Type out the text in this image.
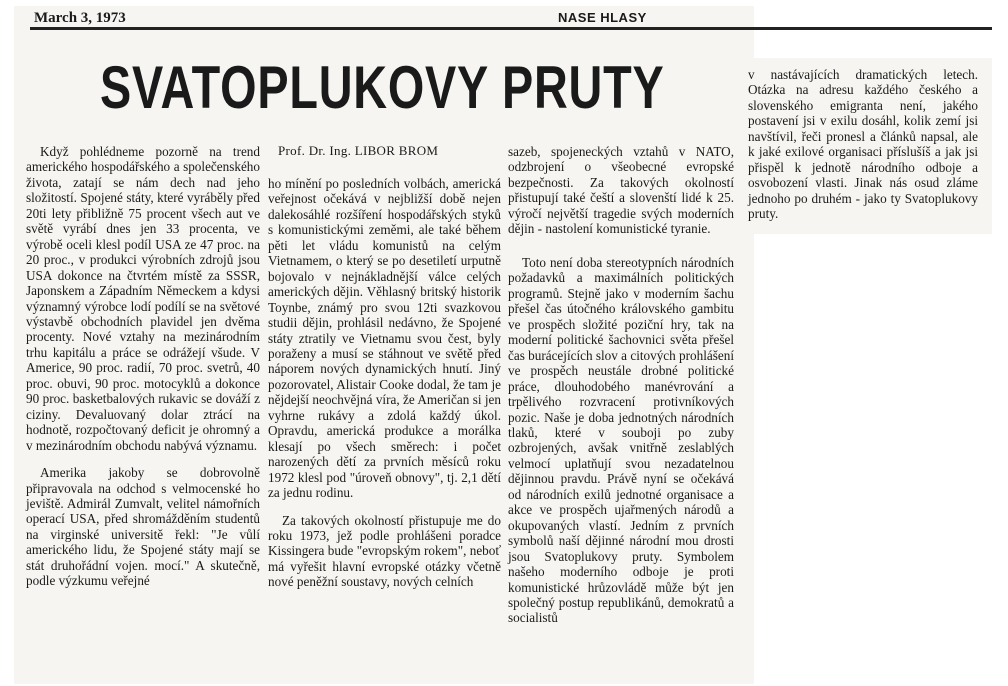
March 3, 1973	NASE HLASY
SVATOPLUKOVY PRUTY
Prof. Dr. Ing. LIBOR BROM

Když pohlédneme pozorně na trend amerického hospodářského a společenského života, zatají se nám dech nad jeho složitostí. Spojené státy, které vyráběly před 20ti lety přibližně 75 procent všech aut ve světě vyrábí dnes jen 33 procenta, ve výrobě oceli klesl podíl USA ze 47 proc. na 20 proc., v produkci výrobních zdrojů jsou USA dokonce na čtvrtém místě za SSSR, Japonskem a Západním Německem a kdysi významný výrobce lodí podílí se na světové výstavbě obchodních plavidel jen dvěma procenty. Nové vztahy na mezinárodním trhu kapitálu a práce se odrážejí všude. V Americe, 90 proc. radií, 70 proc. svetrů, 40 proc. obuvi, 90 proc. motocyklů a dokonce 90 proc. basketbalových rukavic se dováží z ciziny. Devaluovaný dolar ztrácí na hodnotě, rozpočtovaný deficit je ohromný a v mezinárodním obchodu nabývá významu.

Amerika jakoby se dobrovolně připravovala na odchod s velmocenské ho jeviště. Admirál Zumvalt, velitel námořních operací USA, před shromážděním studentů na virginské universitě řekl: "Je vůlí amerického lidu, že Spojené státy mají se stát druhořádní vojen. mocí." A skutečně, podle výzkumu veřejné

ho mínění po posledních volbách, americká veřejnost očekává v nejbližší době nejen dalekosáhlé rozšíření hospodářských styků s komunistickými zeměmi, ale také během pěti let vládu komunistů na celým Vietnamem, o který se po desetiletí urputně bojovalo v nejnákladnější válce celých amerických dějin. Věhlasný britský historik Toynbe, známý pro svou 12ti svazkovou studii dějin, prohlásil nedávno, že Spojené státy ztratily ve Vietnamu svou čest, byly poraženy a musí se stáhnout ve světě před náporem nových dynamických hnutí. Jiný pozorovatel, Alistair Cooke dodal, že tam je nějdejší neochvějná víra, že Američan si jen vyhrne rukávy a zdolá každý úkol. Opravdu, americká produkce a morálka klesají po všech směrech: i počet narozených dětí za prvních měsíců roku 1972 klesl pod "úroveň obnovy", tj. 2,1 dětí za jednu rodinu.

Za takových okolností přistupuje me do roku 1973, jež podle prohlášeni poradce Kissingera bude "evropským rokem", neboť má vyřešit hlavní evropské otázky včetně nové peněžní soustavy, nových celních

sazeb, spojeneckých vztahů v NATO, odzbrojení o všeobecné evropské bezpečnosti. Za takových okolností přistupují také čeští a slovenští lidé k 25. výročí největší tragedie svých moderních dějin - nastolení komunistické tyranie.

Toto není doba stereotypních národních požadavků a maximálních politických programů. Stejně jako v moderním šachu přešel čas útočného královského gambitu ve prospěch složité poziční hry, tak na moderní politické šachovnici světa přešel čas burácejících slov a citových prohlášení ve prospěch neustále drobné politické práce, dlouhodobého manévrování a trpělivého rozvracení protivníkových pozic. Naše je doba jednotných národních tlaků, které v souboji po zuby ozbrojených, avšak vnitřně zeslablých velmocí uplatňují svou nezadatelnou dějinnou pravdu. Právě nyní se očekává od národních exilů jednotné organisace a akce ve prospěch ujařmených národů a okupovaných vlastí. Jedním z prvních symbolů naší dějinné národní mou drosti jsou Svatoplukovy pruty. Symbolem našeho moderního odboje je proti komunistické hrůzovládě může být jen společný postup republikánů, demokratů a socialistů

v nastávajících dramatických letech. Otázka na adresu každého českého a slovenského emigranta není, jakého postavení jsi v exilu dosáhl, kolik zemí jsi navštívil, řeči pronesl a článků napsal, ale k jaké exilové organisaci příslušíš a jak jsi přispěl k jednotě národního odboje a osvobození vlasti. Jinak nás osud zláme jednoho po druhém - jako ty Svatoplukovy pruty.
